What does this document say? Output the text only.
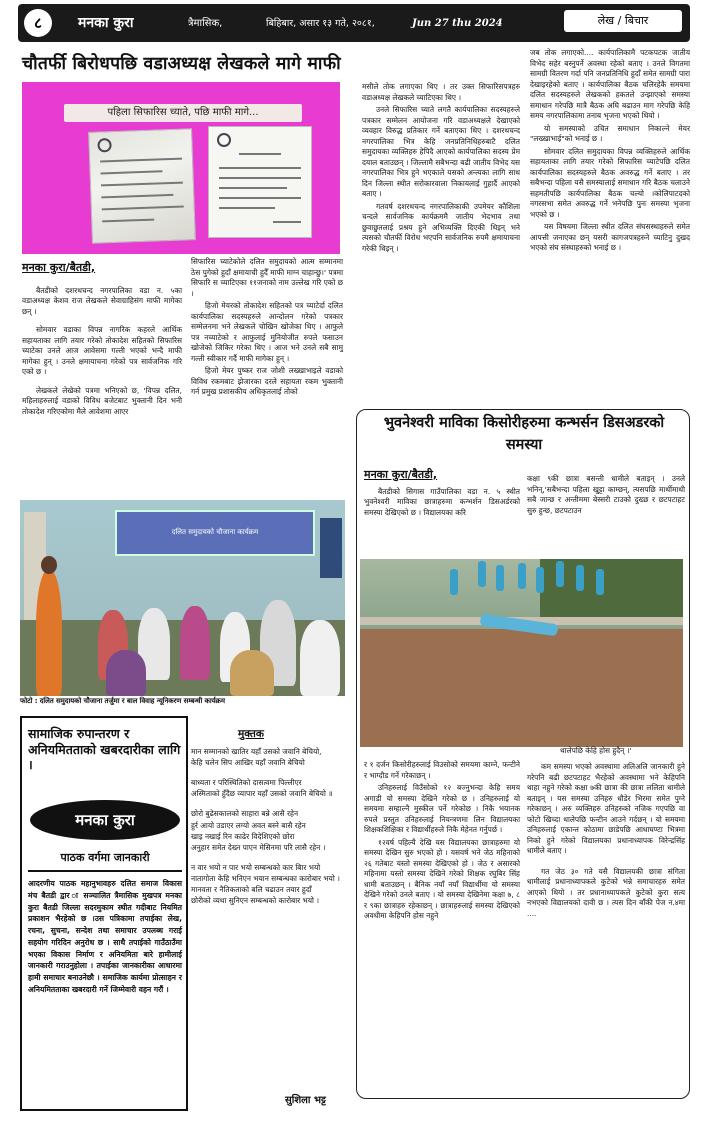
८	मनका कुरा	त्रैमासिक,	बिहिबार, असार १३ गते, २०८१,	Jun 27 thu 2024	लेख / बिचार
चौतर्फी बिरोधपछि वडाअध्यक्ष लेखकले मागे माफी
पहिला सिफारिस च्याते, पछि माफी मागे...
मनका कुरा/बैतडी,

बैतडीको दशरथचन्द नगरपालिका वडा न. ५का वडाअध्यक्ष केशव राज लेखकले सेवाग्राहिसंग माफी मागेका छन् ।

सोमवार वडाका विपन्न नागरिक कहरले आर्थिक सहायताका लागि तयार गरेको तोकादेश सहितको सिफारिस च्याटेका उनले आज आवेसमा गल्ती भएको भन्दै माफी मागेका हुन् । उनले क्षमायाचना गरेको पत्र सार्वजनिक गरि एको छ ।

लेखकले लेखेको पत्रमा भनिएको छ, 'विपन्न दलित, महिलाहरुलाई वडाको विविध बजेटबाट भुक्तानी दिन भनी तोकादेश गरिएकोमा मैले आवेशमा आएर

सिफारिस च्याटेकोले दलित समुदायको आत्म सम्मानमा ठेस पुगेको हुदाँ क्षमायाची हुदैँ माफी माग्न चाहान्छु।' पत्रमा सिफारि स च्याटिएका ११जनाको नाम उल्लेख गरि एको छ ।

हिजो मेयरको तोकादेश सहितको पत्र च्याटेर्दा दलित कार्यपालिका सदस्यहरुले आन्दोलन गरेको पत्रकार सम्मेलनमा भने लेखकले चोखिन खोजेका थिए । आफुले पत्र नच्याटेको र आफुलाई मुनियोजीत रुपले फसाउन खोजेको जिकिर गरेका थिए । आज भने उनले सबै सामु गल्ती स्वीकार गर्दै माफी मागेका हुन् ।

हिजो मेयर पुष्कर राज जोशी लख्खाभाइले वडाको विविध रकमबाट झेजारका दरले सहायता रकम भुक्तानी गर्न प्रमुख प्रशासकीय अधिकृतलाई तोको

मसीले तोक लगाएका थिए । तर उक्त सिफारिसपत्रहरु वडाअध्यक्ष लेखकले च्याटिएका थिए ।

उनले सिफारिस च्याते लगतै कार्यपालिका सदस्यहरुले पत्रकार सम्मेलन आयोजना गरि वडाअध्यक्षले देखाएको व्यवहार विरुद्ध प्रतिकार गर्ने बताएका थिए । दशरथचन्द नगरपालिका भित्र केहि जनप्रतिनिधिहरुबाटै दलित समुदायका व्यक्तिहरु हेपिदै आएको कार्यपालिका सदस्य प्रेम दयाल बताउछन् । जिल्लामै सबैभन्दा बढी जातीय विभेद यस नगरपालिका भित्र हुने भएकाले यसको अन्त्यका लागि साथ दिन जिल्ला स्थीत सरोकारवाला निकायलाई गुहार्दै आएको बताए ।

गतवर्ष दशरथचन्द नगरपालिकाकी उपमेयर कौशिला चन्दले सार्वजनिक कार्यक्रममै जातीय भेदभाव तथा छुवाछुतलाई प्रश्रय हुने अभिव्यक्ति दिएकी थिइन् भने त्यसको चौतर्फी विरोध भएपनि सार्वजनिक रुपमै क्षमायाचना गरेकी थिइन् ।

जब तोक लगाएको.... कार्यपालिकामै पटकपटक जातीय विभेद सहेर बस्नुपर्ने अवस्था रहेको बताए । उनले विगतमा सामग्री वितरण गर्दा पनि जनप्रतिनिधि हुदाँ समेत सामग्री पारा देखाइरहेको बताए । कार्यपालिका बैठक चलिरहेकै समयमा दलित सदस्यहरुले लेखकको हकतले उन्झाएको समस्या समाधान गरेपछि मात्रै बैठक अघि बढाउन माग गरेपछि केहि समय नगरपालिकामा तनाब भृजना भएको थियो ।

यो समस्याको उचित समाधान निकाल्ने मेयर "लख्खाभाई"को भनाई छ ।

सोमवार दलित समुदायका विपन्न व्यक्तिहरुले आर्थिक सहायताका लागि तयार गरेको सिफारिस च्याटेपछि दलित कार्यपालिका सदस्यहरुले बैठक अवरुद्ध गर्ने बताए । तर सबैभन्दा पहिला यसै समस्यालाई समाधान गरि बैठक चलाउने सहमतीपछि कार्यपालिका बैठक चल्यो ।कोलिपाटदको नगरसभा समेत अवरुद्ध गर्ने भनेपछि पुनः समस्या भृजना भएको छ ।

यस विषयमा जिल्ला स्थीत दलित संघसस्थाहरुले समेत आपत्ती जनाएका छन् यसरी कागजपत्रहरुने च्याटिनु दुखद भएको संघ संस्थाहरुको भनाई छ ।

दलित समुदायको चौजाना कार्यक्रम
फोटो : दलित समुदायको चौजाना तर्जुमा र बाल विवाह न्यूनिकरण सम्बन्धी कार्यक्रम
सामाजिक रुपान्तरण र अनियमितताको खबरदारीका लागि ।
मनका कुरा
पाठक वर्गमा जानकारी
आदरणीय पाठक महानुभावहरु दलित समाज विकास मंच बैतडी द्वार ा सञ्चालित त्रैमासिक मुखपत्र मनका कुरा बैतडी जिल्ला सदरमुकाम स्थीत गदीबाट नियमित प्रकाशन भैरहेको छ ।उस पत्रिकामा तपाईका लेख, रचना, सुचना, सन्देश तथा समाचार उपलब्ध गराई सहयोग गरिदिन अनुरोध छ । साथै तपाईको गाउँठाउँमा भएका विकास निर्माण र अनियमिता बारे हामीलाई जानकारी गराउनुहोला । तपाईका जानकारीका आधारमा हामी समाचार बनाउनेछौ । समाजिक कार्यमा प्रोत्साहन र अनियमितताका खबरदारी गर्ने जिम्मेवारी वहन गरौं ।
मुक्तक
मान सम्मानको खातिर यहाँ उसको जवानि बेचियो,
केहि चलेन सिप आखिर यहाँ जवानि बेचियो
बाध्यता र परिस्थितिको दासत्वमा पिल्लीएर
अस्मिताको हुँदैछ व्यापार यहाँ उसको जवानि बेचियो ॥
छोरो बुढेसकालको साहारा बन्ने आसै रहेन
हुर्र आयो उडाएर लग्यो अवत बस्ने बासै रहेन
खाइ नखाई रिन काढेर विदेशिएको छोरा
अनुहार समेत देख्न पाएन मेसिनमा परि लासै रहेन ।
न वार भयो न पार भयो सम्बन्धको कार बिार भयो
नातागोता केहि भनिएन भयान सम्बन्धका कारोबार भयो ।
मानवता र नैतिकताको बलि चढाउन तयार हुदाँ
छोरीको व्यथा सुनिएन सम्बन्धको कारोबार भयो ।
सुशिला भट्ट
भुवनेश्वरी माविका किसोरीहरुमा कन्भर्सन डिसअडरको समस्या
मनका कुरा/बैतडी,

बैतडीको सिगास गाउँपालिका वडा न. ५ स्थीत भुवनेश्वरी माविका छात्राहरुमा कन्भर्शन डिसअर्डरको समस्या देखिएको छ । विद्यालयका करि

कक्षा ९की छात्रा बसन्ती धामीले बताइन् । उनले भनिन्,'सबैभन्दा पहिला खुट्टा काम्छन्, त्यसपछि मार्थीमाथी सबै जान्छ र अन्तीममा बेस्सरी टाउको दुख्छ र छटपटाहट सुरु हुन्छ, छटपटाउन

थालेपछि केहि होस हुदैन् ।'

र १ दर्जन किसोरीहरुलाई विउसोको समयमा काम्ने, फन्टीने र भाग्दौड गर्ने गरेकाछन् ।

उनिहरुलाई विउँसोको १२ बज्नुभन्दा केहि समय अगाडी यो समस्या देखिने गरेको छ । उनिहरुलाई यो समयमा सम्हाल्नै मुस्कील पर्ने गरेकोछ । निकै भयानक रुपले प्रस्तुत उनिहरुलाई नियन्त्रणमा लिन विद्यालयका शिक्षकशिक्षिका र विद्यार्थीहरुले निकै मेहेनत गर्नुपर्छ ।

१२वर्ष पहिल्यै देखि यस विद्यालयका छात्राहरुमा यो समस्या देखिन सुरु भएको हो । यसवर्ष भने जेठ महिनाको २६ गतेबाट यस्तो समस्या देखिएको हो । जेठ र असारको महिनामा यस्तो समस्या देखिने गरेको शिक्षक रघुबिर सिंह धामी बताउछन् । बैनिक नयाँ नयाँ विद्यार्थीमा यो समस्या देखिने गरेको उनले बताए । यो समस्या देखिनेमा कक्षा ७, ८ र ९का छात्राहरु रहेकाछन् । छात्राहरुलाई समस्या देखिएको अवधीमा केहिपनि होस नहुने

कम समस्या भएको अवस्थामा अलिअलि जानकारी हुने गरेपनि बढी छटपटाहट भैरहेको अवस्थामा भने केहिपनि थाहा नहुने गरेको कक्षा ७की छात्रा की छात्रा ललिता धामीले बताइन् । यस समस्या उनिहरु धौडेर भिरमा समेत पुग्ने गरेकाछन् । अरु व्यक्तिहरु उनिहरुको नजिक गएपछि वा फोटो खिच्दा थालेपछि फन्टीन आउने गर्दछन् । यो समयमा उनिहरुलाई एकान्त कोठामा छाडेपछि आधाघण्टा भित्रमा निको हुने गरेको विद्यालयका प्रधानाध्यापक विरेन्द्रसिंह धामीले बताए ।

गत जेठ ३० गते यसै विद्यालयकी छात्रा संगिता धामीलाई प्रधानाध्यापकले कुटेको भन्ने समाचारहरु समेत आएको थियो । तर प्रधानाध्यापकले कुटेको कुरा सत्य नभएको विद्यालयको दावी छ । त्यस दिन बाँकी पेज न.४मा ....
